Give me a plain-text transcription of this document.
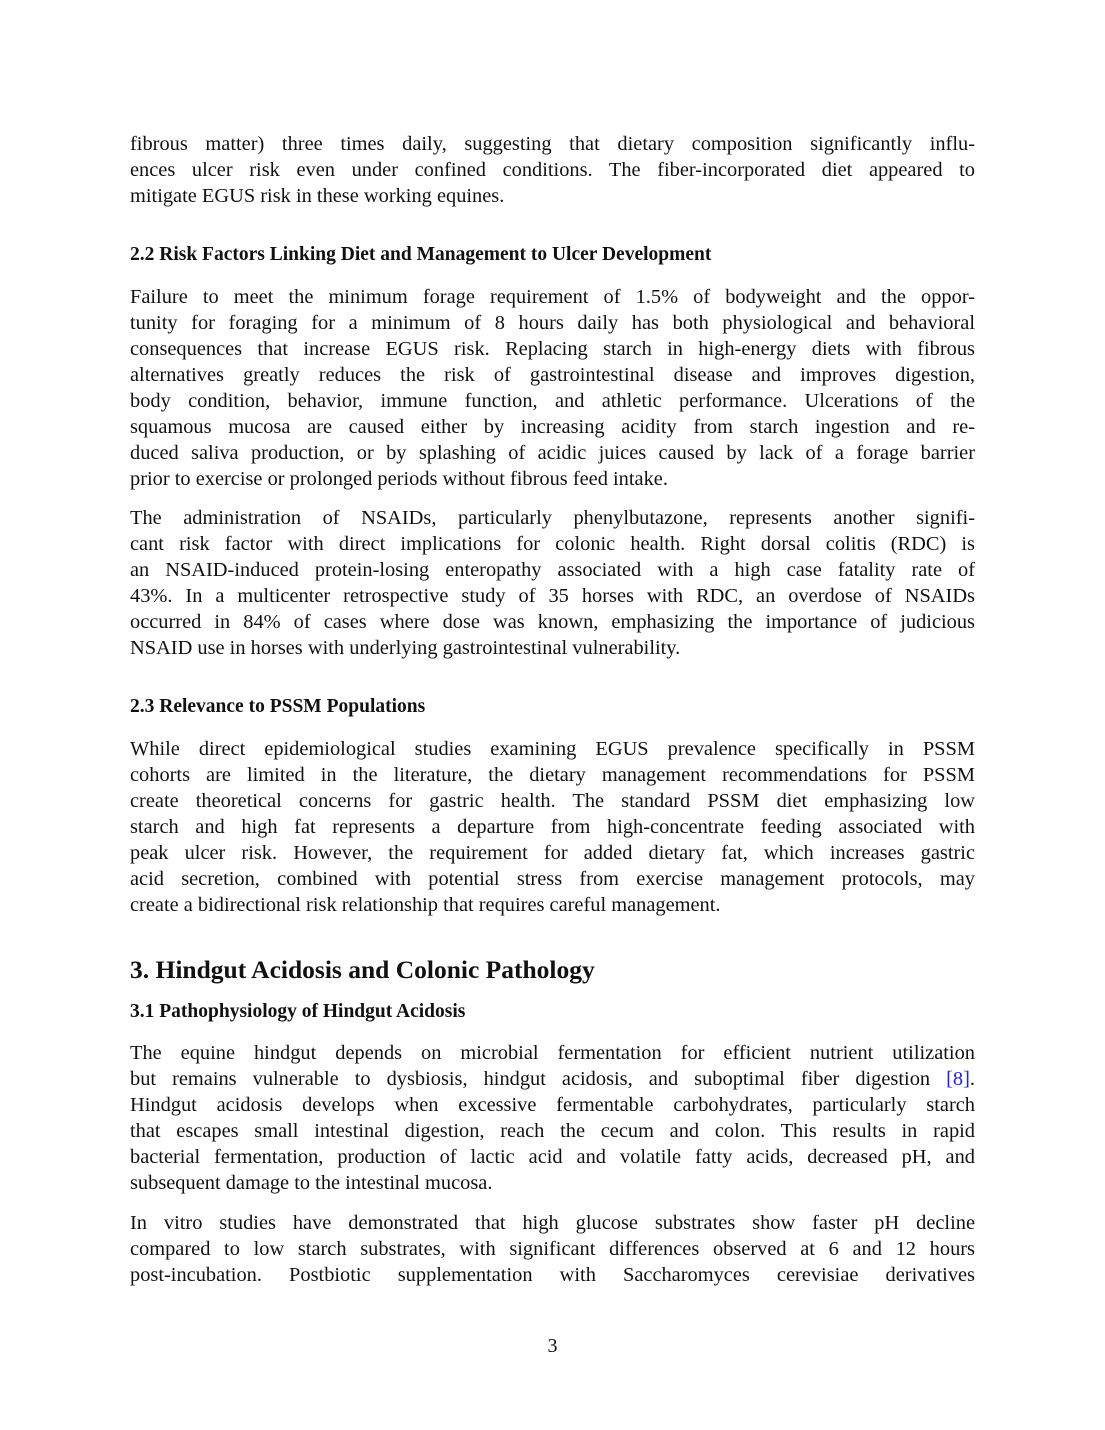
fibrous matter) three times daily, suggesting that dietary composition significantly influ-
ences ulcer risk even under confined conditions. The fiber-incorporated diet appeared to
mitigate EGUS risk in these working equines.
2.2 Risk Factors Linking Diet and Management to Ulcer Development
Failure to meet the minimum forage requirement of 1.5% of bodyweight and the oppor-
tunity for foraging for a minimum of 8 hours daily has both physiological and behavioral
consequences that increase EGUS risk. Replacing starch in high-energy diets with fibrous
alternatives greatly reduces the risk of gastrointestinal disease and improves digestion,
body condition, behavior, immune function, and athletic performance. Ulcerations of the
squamous mucosa are caused either by increasing acidity from starch ingestion and re-
duced saliva production, or by splashing of acidic juices caused by lack of a forage barrier
prior to exercise or prolonged periods without fibrous feed intake.
The administration of NSAIDs, particularly phenylbutazone, represents another signifi-
cant risk factor with direct implications for colonic health. Right dorsal colitis (RDC) is
an NSAID-induced protein-losing enteropathy associated with a high case fatality rate of
43%. In a multicenter retrospective study of 35 horses with RDC, an overdose of NSAIDs
occurred in 84% of cases where dose was known, emphasizing the importance of judicious
NSAID use in horses with underlying gastrointestinal vulnerability.
2.3 Relevance to PSSM Populations
While direct epidemiological studies examining EGUS prevalence specifically in PSSM
cohorts are limited in the literature, the dietary management recommendations for PSSM
create theoretical concerns for gastric health. The standard PSSM diet emphasizing low
starch and high fat represents a departure from high-concentrate feeding associated with
peak ulcer risk. However, the requirement for added dietary fat, which increases gastric
acid secretion, combined with potential stress from exercise management protocols, may
create a bidirectional risk relationship that requires careful management.
3. Hindgut Acidosis and Colonic Pathology
3.1 Pathophysiology of Hindgut Acidosis
The equine hindgut depends on microbial fermentation for efficient nutrient utilization
but remains vulnerable to dysbiosis, hindgut acidosis, and suboptimal fiber digestion [8].
Hindgut acidosis develops when excessive fermentable carbohydrates, particularly starch
that escapes small intestinal digestion, reach the cecum and colon. This results in rapid
bacterial fermentation, production of lactic acid and volatile fatty acids, decreased pH, and
subsequent damage to the intestinal mucosa.
In vitro studies have demonstrated that high glucose substrates show faster pH decline
compared to low starch substrates, with significant differences observed at 6 and 12 hours
post-incubation. Postbiotic supplementation with Saccharomyces cerevisiae derivatives
3
